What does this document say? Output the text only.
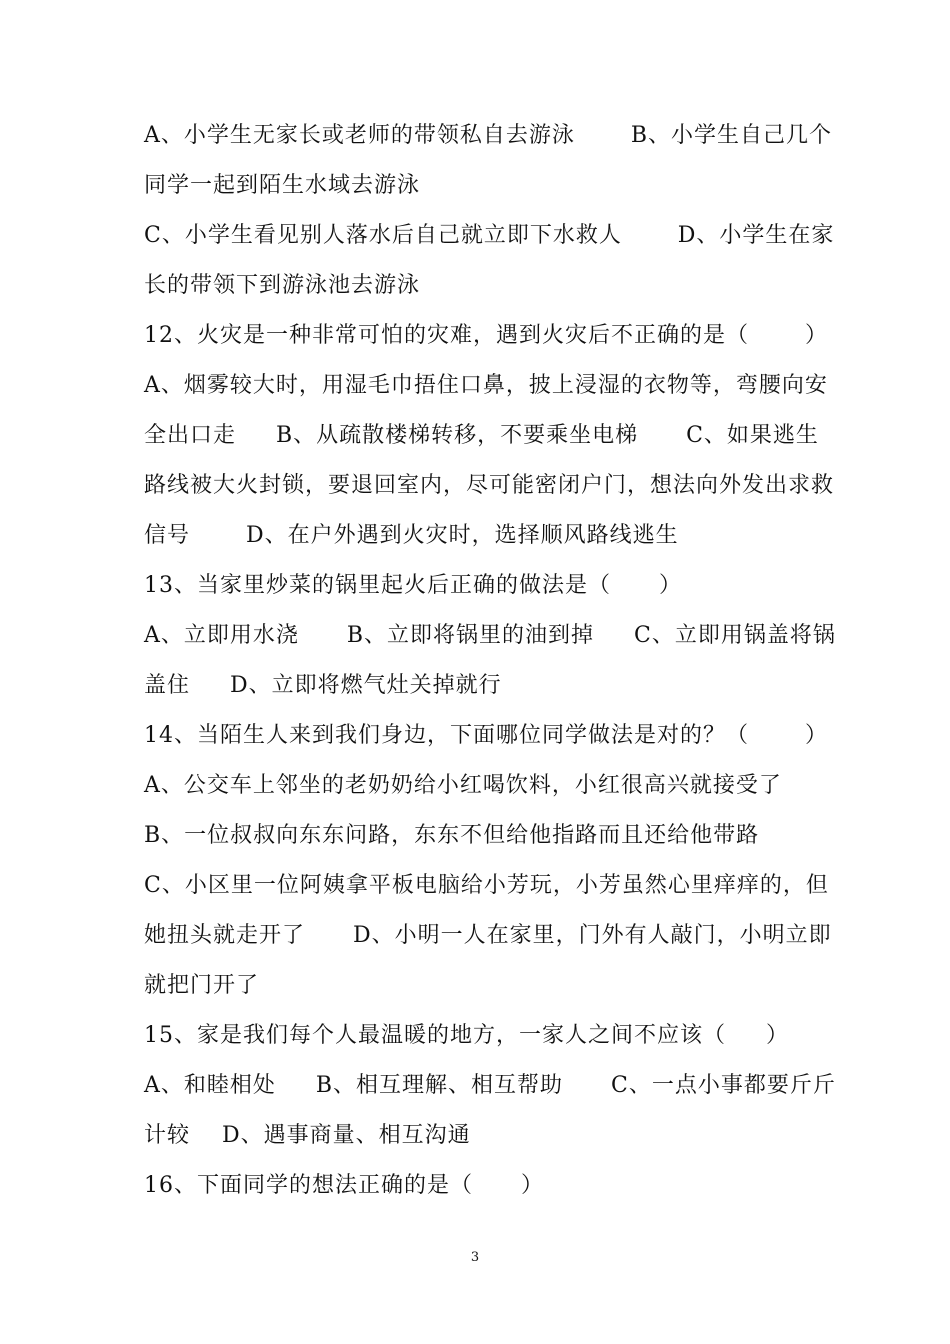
A、小学生无家长或老师的带领私自去游泳       B、小学生自己几个
同学一起到陌生水域去游泳
C、小学生看见别人落水后自己就立即下水救人       D、小学生在家
长的带领下到游泳池去游泳
12、火灾是一种非常可怕的灾难，遇到火灾后不正确的是（       ）
A、烟雾较大时，用湿毛巾捂住口鼻，披上浸湿的衣物等，弯腰向安
全出口走     B、从疏散楼梯转移，不要乘坐电梯      C、如果逃生
路线被大火封锁，要退回室内，尽可能密闭户门，想法向外发出求救
信号       D、在户外遇到火灾时，选择顺风路线逃生
13、当家里炒菜的锅里起火后正确的做法是（      ）
A、立即用水浇      B、立即将锅里的油到掉     C、立即用锅盖将锅
盖住     D、立即将燃气灶关掉就行
14、当陌生人来到我们身边，下面哪位同学做法是对的？（       ）
A、公交车上邻坐的老奶奶给小红喝饮料，小红很高兴就接受了
B、一位叔叔向东东问路，东东不但给他指路而且还给他带路
C、小区里一位阿姨拿平板电脑给小芳玩，小芳虽然心里痒痒的，但
她扭头就走开了      D、小明一人在家里，门外有人敲门，小明立即
就把门开了
15、家是我们每个人最温暖的地方，一家人之间不应该（     ）
A、和睦相处     B、相互理解、相互帮助      C、一点小事都要斤斤
计较    D、遇事商量、相互沟通
16、下面同学的想法正确的是（      ）
3
